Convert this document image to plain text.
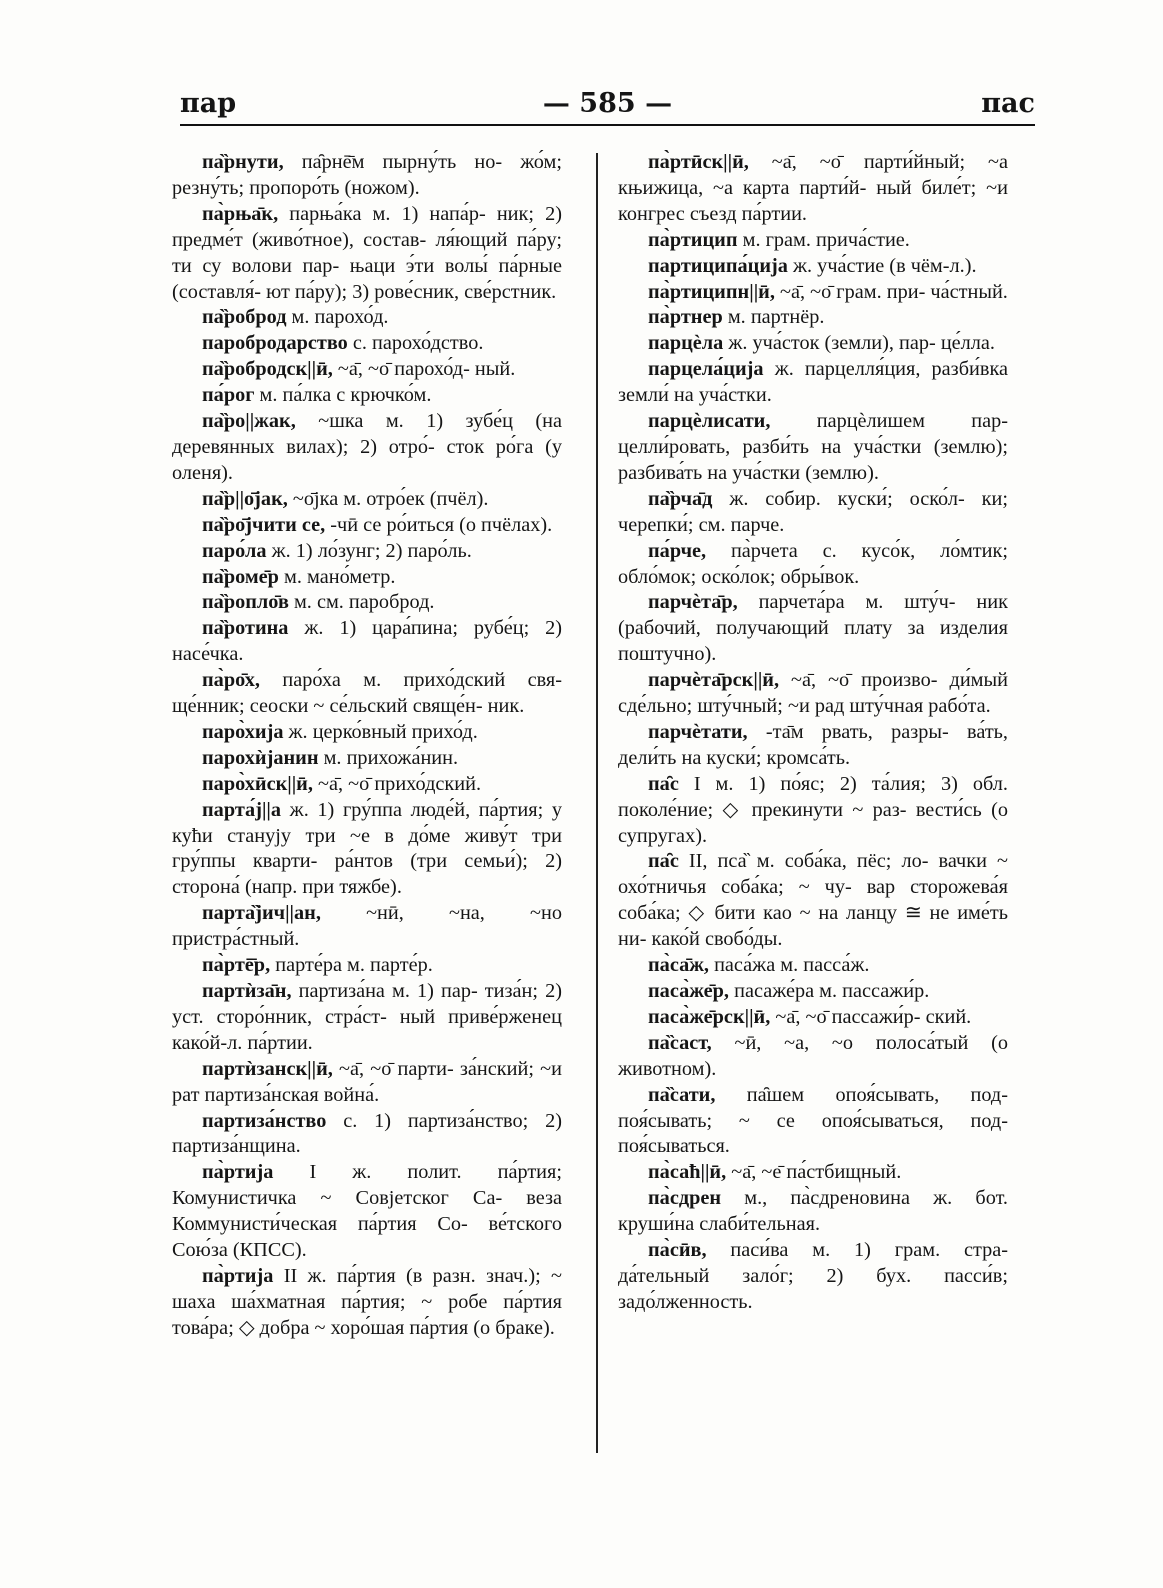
пар	— 585 —	пас

па̏рнути, па̑рнē̄м пырну́ть но- жо́м; резну́ть; пропоро́ть (ножом).

па̀рња̄к, парња́ка м. 1) напа́р- ник; 2) предме́т (живо́тное), состав- ля́ющий па́ру; ти су волови пар- њаци э́ти волы́ па́рные (составля́- ют па́ру); 3) рове́сник, све́рстник.

па̏роброд м. парохо́д.

паробродарство с. парохо́дство.

па̏робродск||ӣ, ~а̄, ~о̄ парохо́д- ный.

па́рог м. па́лка с крючко́м.

па̏ро||жак, ~шка м. 1) зубе́ц (на деревянных вилах); 2) отро́- сток ро́га (у оленя).

па̏р||о̄јак, ~о̄јка м. отро́ек (пчёл).

па̏ро̄јчити се, -чӣ се ро́иться (о пчёлах).

паро́ла ж. 1) ло́зунг; 2) паро́ль.

па̏роме̄р м. мано́метр.

па̏ропло̄в м. см. пароброд.

па̏ротина ж. 1) цара́пина; рубе́ц; 2) насе́чка.

па̀ро̄х, паро́ха м. прихо́дский свя- ще́нник; сеоски ~ се́льский свяще́н- ник.

паро̀хија ж. церко́вный прихо́д.

парохѝјанин м. прихожа́нин.

паро̀хӣск||ӣ, ~а̄, ~о̄ прихо́дский.

парта́ј||а ж. 1) гру́ппа люде́й, па́ртия; у кући станују три ~е в до́ме живу́т три гру́ппы кварти- ра́нтов (три семьи́); 2) сторона́ (напр. при тяжбе).

парта̏јич||ан, ~нӣ, ~на, ~но пристра́стный.

па̀ртē̄р, парте́ра м. парте́р.

партѝза̄н, партиза́на м. 1) пар- тиза́н; 2) уст. сторо́нник, стра́ст- ный приве́рженец како́й-л. па́ртии.

партѝзанск||ӣ, ~а̄, ~о̄ парти- за́нский; ~и рат партиза́нская война́.

партиза́нство с. 1) партиза́нство; 2) партиза́нщина.

па̀ртија I ж. полит. па́ртия; Комунистичка ~ Совјетског Са- веза Коммунисти́ческая па́ртия Со- ве́тского Сою́за (КПСС).

па̀ртија II ж. па́ртия (в разн. знач.); ~ шаха ша́хматная па́ртия; ~ робе па́ртия това́ра; ◇ добра ~ хоро́шая па́ртия (о браке).

па̀ртӣск||ӣ, ~а̄, ~о̄ парти́йный; ~а књижица, ~а карта парти́й- ный биле́т; ~и конгрес съезд па́ртии.

па̀ртицип м. грам. прича́стие.

партиципа́ција ж. уча́стие (в чём-л.).

па̀ртиципн||ӣ, ~а̄, ~о̄ грам. при- ча́стный.

па̀ртнер м. партнёр.

парцѐла ж. уча́сток (земли), пар- це́лла.

парцела́ција ж. парцелля́ция, разби́вка земли́ на уча́стки.

парцѐлисати, парцѐлишем пар- целли́ровать, разби́ть на уча́стки (землю); разбива́ть на уча́стки (землю).

па̏рча̄д ж. собир. куски́; оско́л- ки; черепки́; см. парче.

па́рче, па̀рчета с. кусо́к, ло́мтик; обло́мок; оско́лок; обры́вок.

парчѐта̄р, парчета́ра м. шту́ч- ник (рабочий, получающий плату за изделия поштучно).

парчѐта̄рск||ӣ, ~а̄, ~о̄ произво- ди́мый сде́льно; шту́чный; ~и рад шту́чная рабо́та.

парчѐтати, -та̄м рвать, разры- ва́ть, дели́ть на куски́; кромса́ть.

па̑с I м. 1) по́яс; 2) та́лия; 3) обл. поколе́ние; ◇ прекинути ~ раз- вести́сь (о супругах).

па̑с II, пса̏ м. соба́ка, пёс; ло- вачки ~ охо́тничья соба́ка; ~ чу- вар сторожева́я соба́ка; ◇ бити као ~ на ланцу ≅ не име́ть ни- како́й свобо́ды.

па̀са̄ж, паса́жа м. пасса́ж.

паса̀же̄р, пасаже́ра м. пассажи́р.

паса̀же̄рск||ӣ, ~а̄, ~о̄ пассажи́р- ский.

па̏саст, ~ӣ, ~а, ~о полоса́тый (о животном).

па̏сати, па̑шем опоя́сывать, под- поя́сывать; ~ се опоя́сываться, под- поя́сываться.

па̀саћ||ӣ, ~а̄, ~е̄ па́стбищный.

па̀сдрен м., па̀сдреновина ж. бот. круши́на слаби́тельная.

па̀сӣв, паси́ва м. 1) грам. стра- да́тельный зало́г; 2) бух. пасси́в; задо́лженность.
